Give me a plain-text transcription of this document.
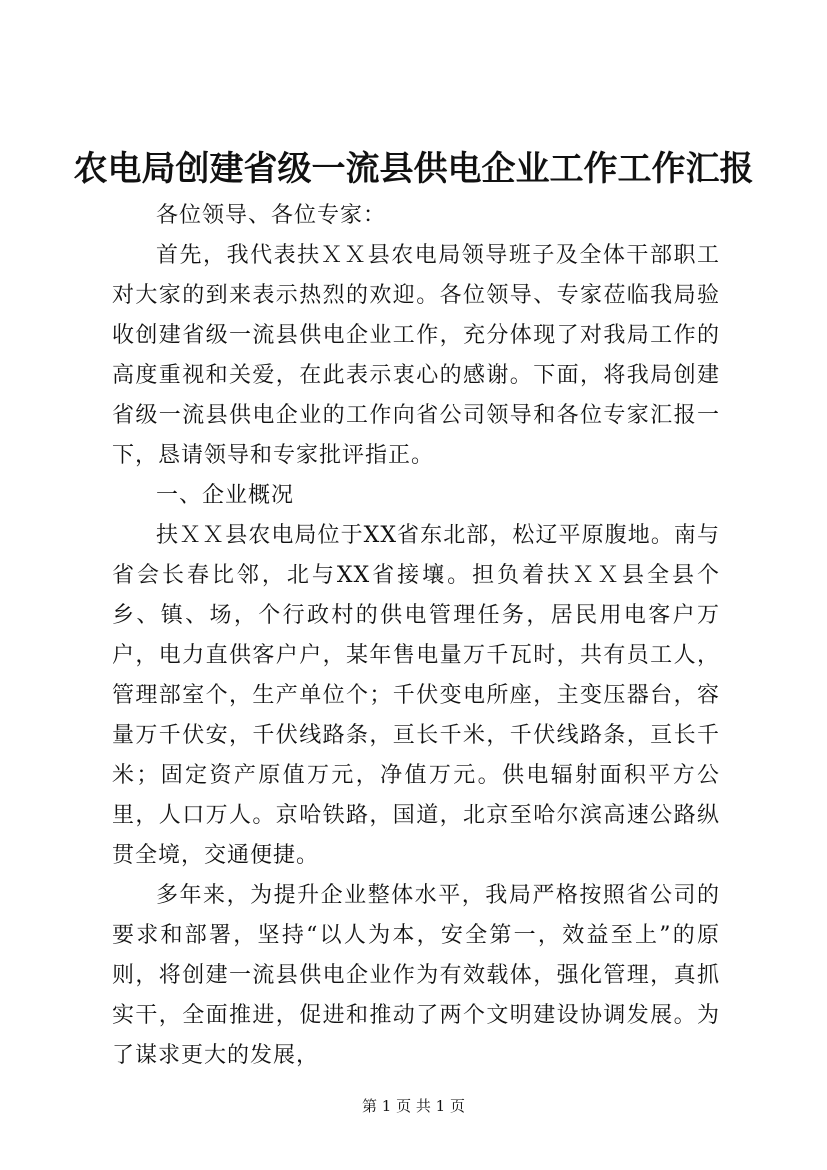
农电局创建省级一流县供电企业工作工作汇报

各位领导、各位专家：

首先，我代表扶ＸＸ县农电局领导班子及全体干部职工对大家的到来表示热烈的欢迎。各位领导、专家莅临我局验收创建省级一流县供电企业工作，充分体现了对我局工作的高度重视和关爱，在此表示衷心的感谢。下面，将我局创建省级一流县供电企业的工作向省公司领导和各位专家汇报一下，恳请领导和专家批评指正。

一、企业概况

扶ＸＸ县农电局位于XX省东北部，松辽平原腹地。南与省会长春比邻，北与XX省接壤。担负着扶ＸＸ县全县个乡、镇、场，个行政村的供电管理任务，居民用电客户万户，电力直供客户户，某年售电量万千瓦时，共有员工人，管理部室个，生产单位个；千伏变电所座，主变压器台，容量万千伏安，千伏线路条，亘长千米，千伏线路条，亘长千米；固定资产原值万元，净值万元。供电辐射面积平方公里，人口万人。京哈铁路，国道，北京至哈尔滨高速公路纵贯全境，交通便捷。

多年来，为提升企业整体水平，我局严格按照省公司的要求和部署，坚持“以人为本，安全第一，效益至上”的原则，将创建一流县供电企业作为有效载体，强化管理，真抓实干，全面推进，促进和推动了两个文明建设协调发展。为了谋求更大的发展，

第 1 页 共 1 页
